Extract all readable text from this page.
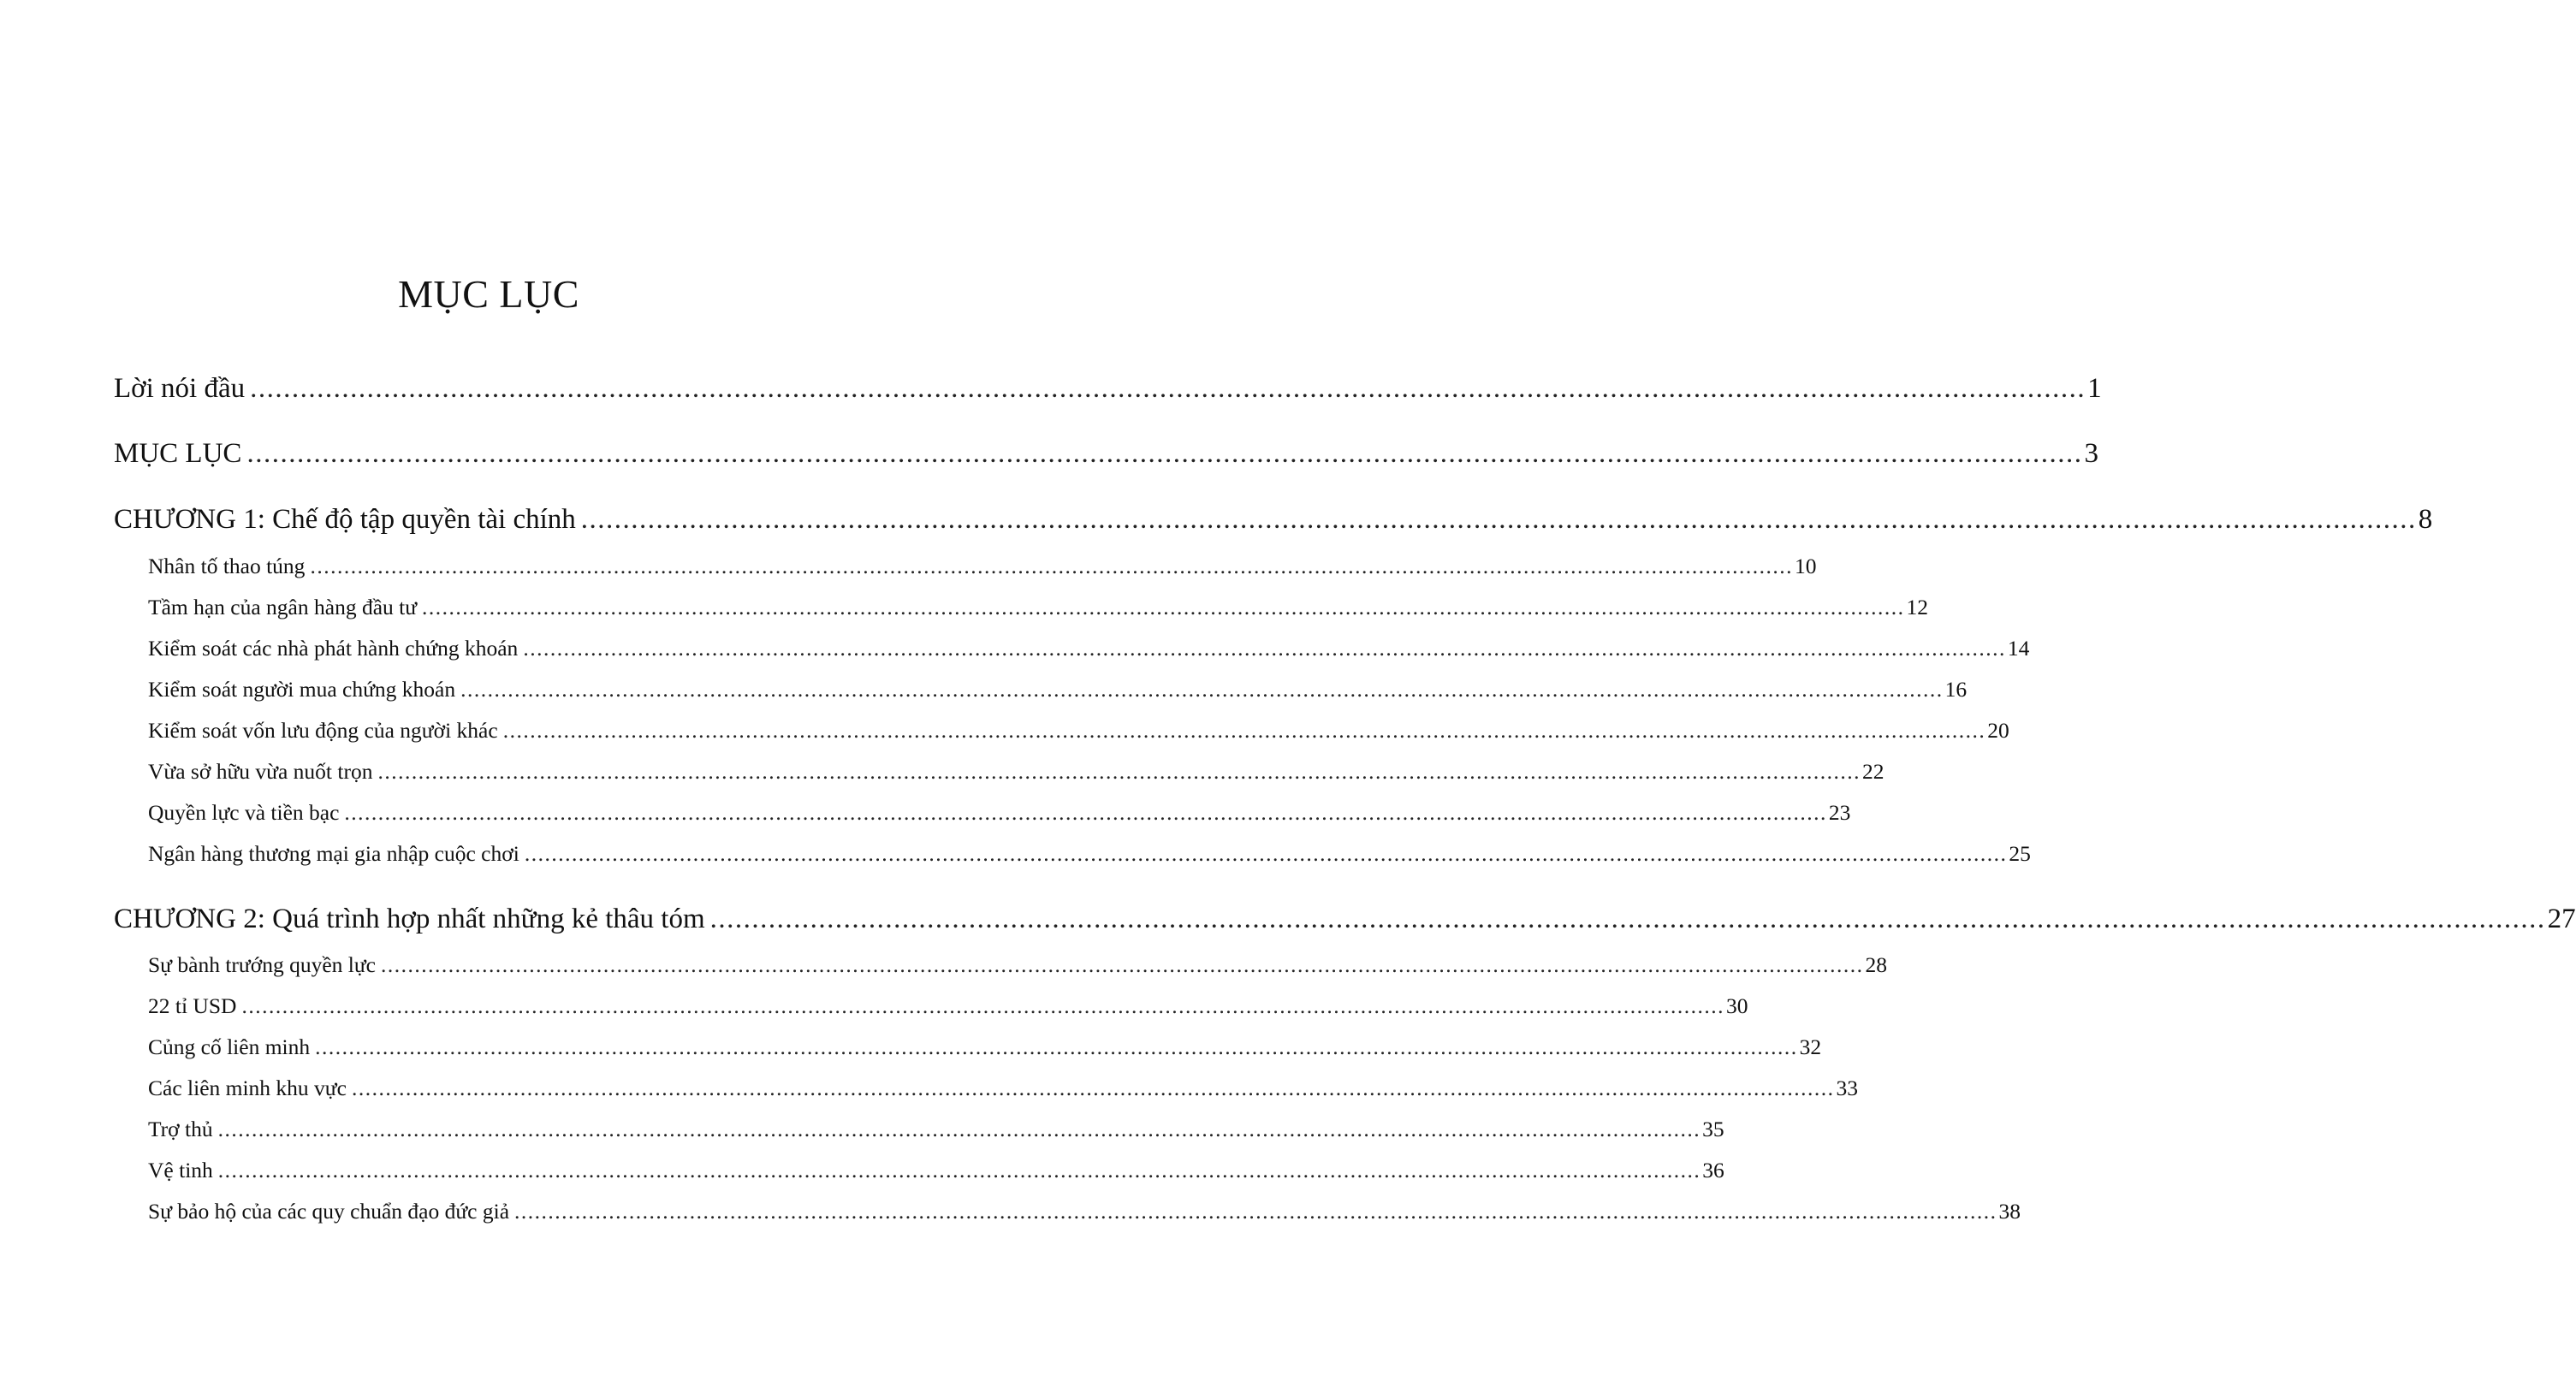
MỤC LỤC
Lời nói đầu ............................................................................................................................................................................................................................ 1
MỤC LỤC ............................................................................................................................................................................................................................ 3
CHƯƠNG 1: Chế độ tập quyền tài chính ............................................................................................................................................................................................................................ 8
Nhân tố thao túng ............................................................................................................................................................................................................................ 10
Tầm hạn của ngân hàng đầu tư ............................................................................................................................................................................................................................ 12
Kiểm soát các nhà phát hành chứng khoán ............................................................................................................................................................................................................................ 14
Kiểm soát người mua chứng khoán ............................................................................................................................................................................................................................ 16
Kiểm soát vốn lưu động của người khác ............................................................................................................................................................................................................................ 20
Vừa sở hữu vừa nuốt trọn ............................................................................................................................................................................................................................ 22
Quyền lực và tiền bạc ............................................................................................................................................................................................................................ 23
Ngân hàng thương mại gia nhập cuộc chơi ............................................................................................................................................................................................................................ 25
CHƯƠNG 2: Quá trình hợp nhất những kẻ thâu tóm ............................................................................................................................................................................................................................ 27
Sự bành trướng quyền lực ............................................................................................................................................................................................................................ 28
22 tỉ USD ............................................................................................................................................................................................................................ 30
Củng cố liên minh ............................................................................................................................................................................................................................ 32
Các liên minh khu vực ............................................................................................................................................................................................................................ 33
Trợ thủ ............................................................................................................................................................................................................................ 35
Vệ tinh ............................................................................................................................................................................................................................ 36
Sự bảo hộ của các quy chuẩn đạo đức giả ............................................................................................................................................................................................................................ 38
